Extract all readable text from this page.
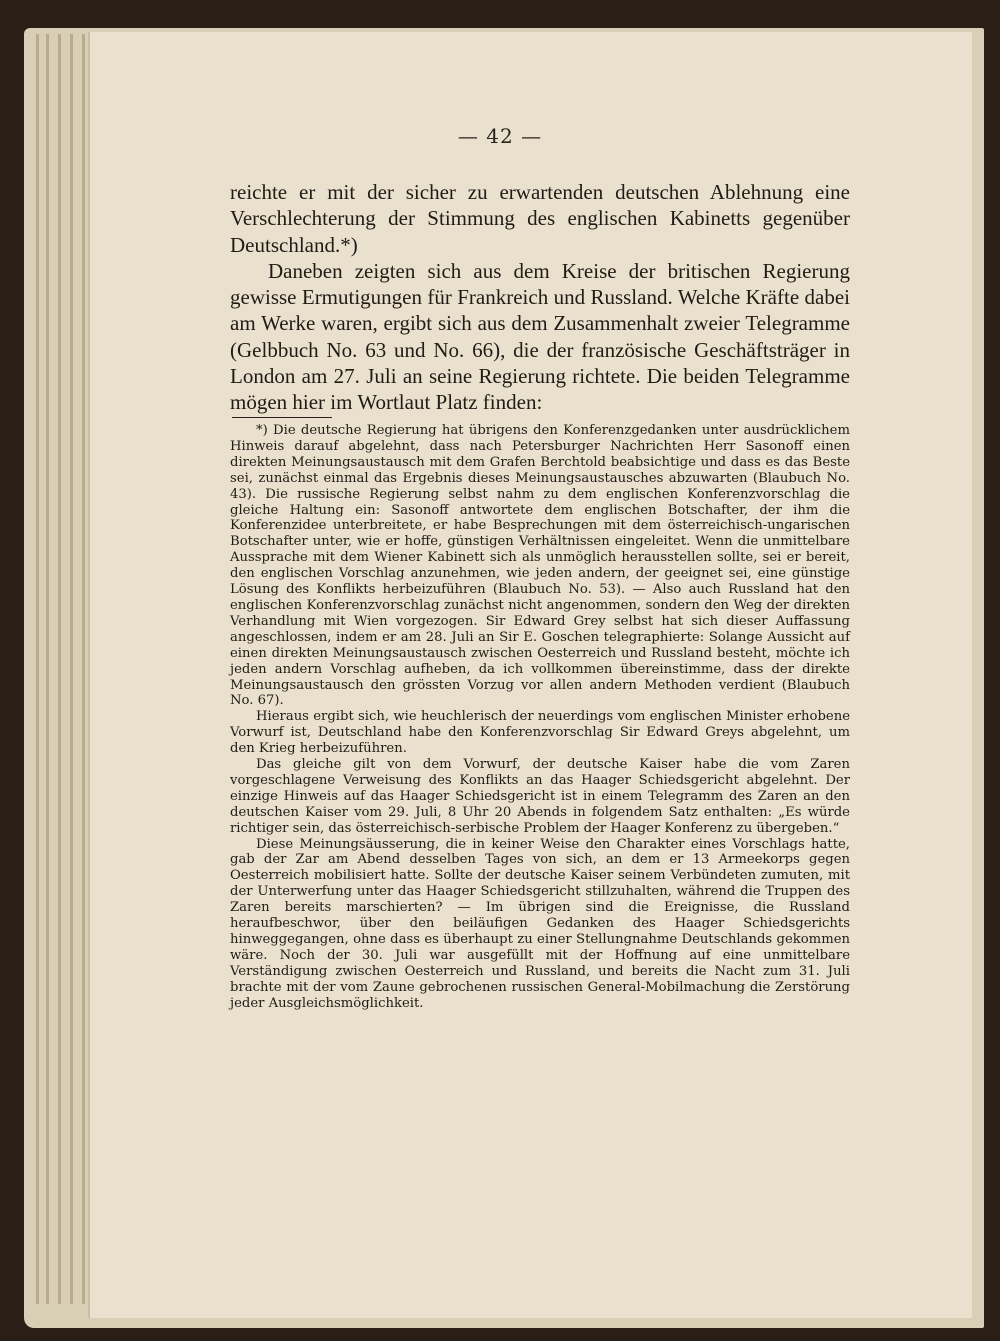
— 42 —

reichte er mit der sicher zu erwartenden deutschen Ablehnung eine Verschlechterung der Stimmung des englischen Kabinetts gegenüber Deutschland.*)

Daneben zeigten sich aus dem Kreise der britischen Regierung gewisse Ermutigungen für Frankreich und Russland. Welche Kräfte dabei am Werke waren, ergibt sich aus dem Zusammenhalt zweier Telegramme (Gelbbuch No. 63 und No. 66), die der französische Geschäftsträger in London am 27. Juli an seine Regierung richtete. Die beiden Telegramme mögen hier im Wortlaut Platz finden:

*) Die deutsche Regierung hat übrigens den Konferenzgedanken unter ausdrücklichem Hinweis darauf abgelehnt, dass nach Petersburger Nachrichten Herr Sasonoff einen direkten Meinungsaustausch mit dem Grafen Berchtold beabsichtige und dass es das Beste sei, zunächst einmal das Ergebnis dieses Meinungsaustausches abzuwarten (Blaubuch No. 43). Die russische Regierung selbst nahm zu dem englischen Konferenzvorschlag die gleiche Haltung ein: Sasonoff antwortete dem englischen Botschafter, der ihm die Konferenzidee unterbreitete, er habe Besprechungen mit dem österreichisch-ungarischen Botschafter unter, wie er hoffe, günstigen Verhältnissen eingeleitet. Wenn die unmittelbare Aussprache mit dem Wiener Kabinett sich als unmöglich herausstellen sollte, sei er bereit, den englischen Vorschlag anzunehmen, wie jeden andern, der geeignet sei, eine günstige Lösung des Konflikts herbeizuführen (Blaubuch No. 53). — Also auch Russland hat den englischen Konferenzvorschlag zunächst nicht angenommen, sondern den Weg der direkten Verhandlung mit Wien vorgezogen. Sir Edward Grey selbst hat sich dieser Auffassung angeschlossen, indem er am 28. Juli an Sir E. Goschen telegraphierte: Solange Aussicht auf einen direkten Meinungsaustausch zwischen Oesterreich und Russland besteht, möchte ich jeden andern Vorschlag aufheben, da ich vollkommen übereinstimme, dass der direkte Meinungsaustausch den grössten Vorzug vor allen andern Methoden verdient (Blaubuch No. 67).

Hieraus ergibt sich, wie heuchlerisch der neuerdings vom englischen Minister erhobene Vorwurf ist, Deutschland habe den Konferenzvorschlag Sir Edward Greys abgelehnt, um den Krieg herbeizuführen.

Das gleiche gilt von dem Vorwurf, der deutsche Kaiser habe die vom Zaren vorgeschlagene Verweisung des Konflikts an das Haager Schiedsgericht abgelehnt. Der einzige Hinweis auf das Haager Schiedsgericht ist in einem Telegramm des Zaren an den deutschen Kaiser vom 29. Juli, 8 Uhr 20 Abends in folgendem Satz enthalten: „Es würde richtiger sein, das österreichisch-serbische Problem der Haager Konferenz zu übergeben.“

Diese Meinungsäusserung, die in keiner Weise den Charakter eines Vorschlags hatte, gab der Zar am Abend desselben Tages von sich, an dem er 13 Armeekorps gegen Oesterreich mobilisiert hatte. Sollte der deutsche Kaiser seinem Verbündeten zumuten, mit der Unterwerfung unter das Haager Schiedsgericht stillzuhalten, während die Truppen des Zaren bereits marschierten? — Im übrigen sind die Ereignisse, die Russland heraufbeschwor, über den beiläufigen Gedanken des Haager Schiedsgerichts hinweggegangen, ohne dass es überhaupt zu einer Stellungnahme Deutschlands gekommen wäre. Noch der 30. Juli war ausgefüllt mit der Hoffnung auf eine unmittelbare Verständigung zwischen Oesterreich und Russland, und bereits die Nacht zum 31. Juli brachte mit der vom Zaune gebrochenen russischen General-Mobilmachung die Zerstörung jeder Ausgleichsmöglichkeit.
